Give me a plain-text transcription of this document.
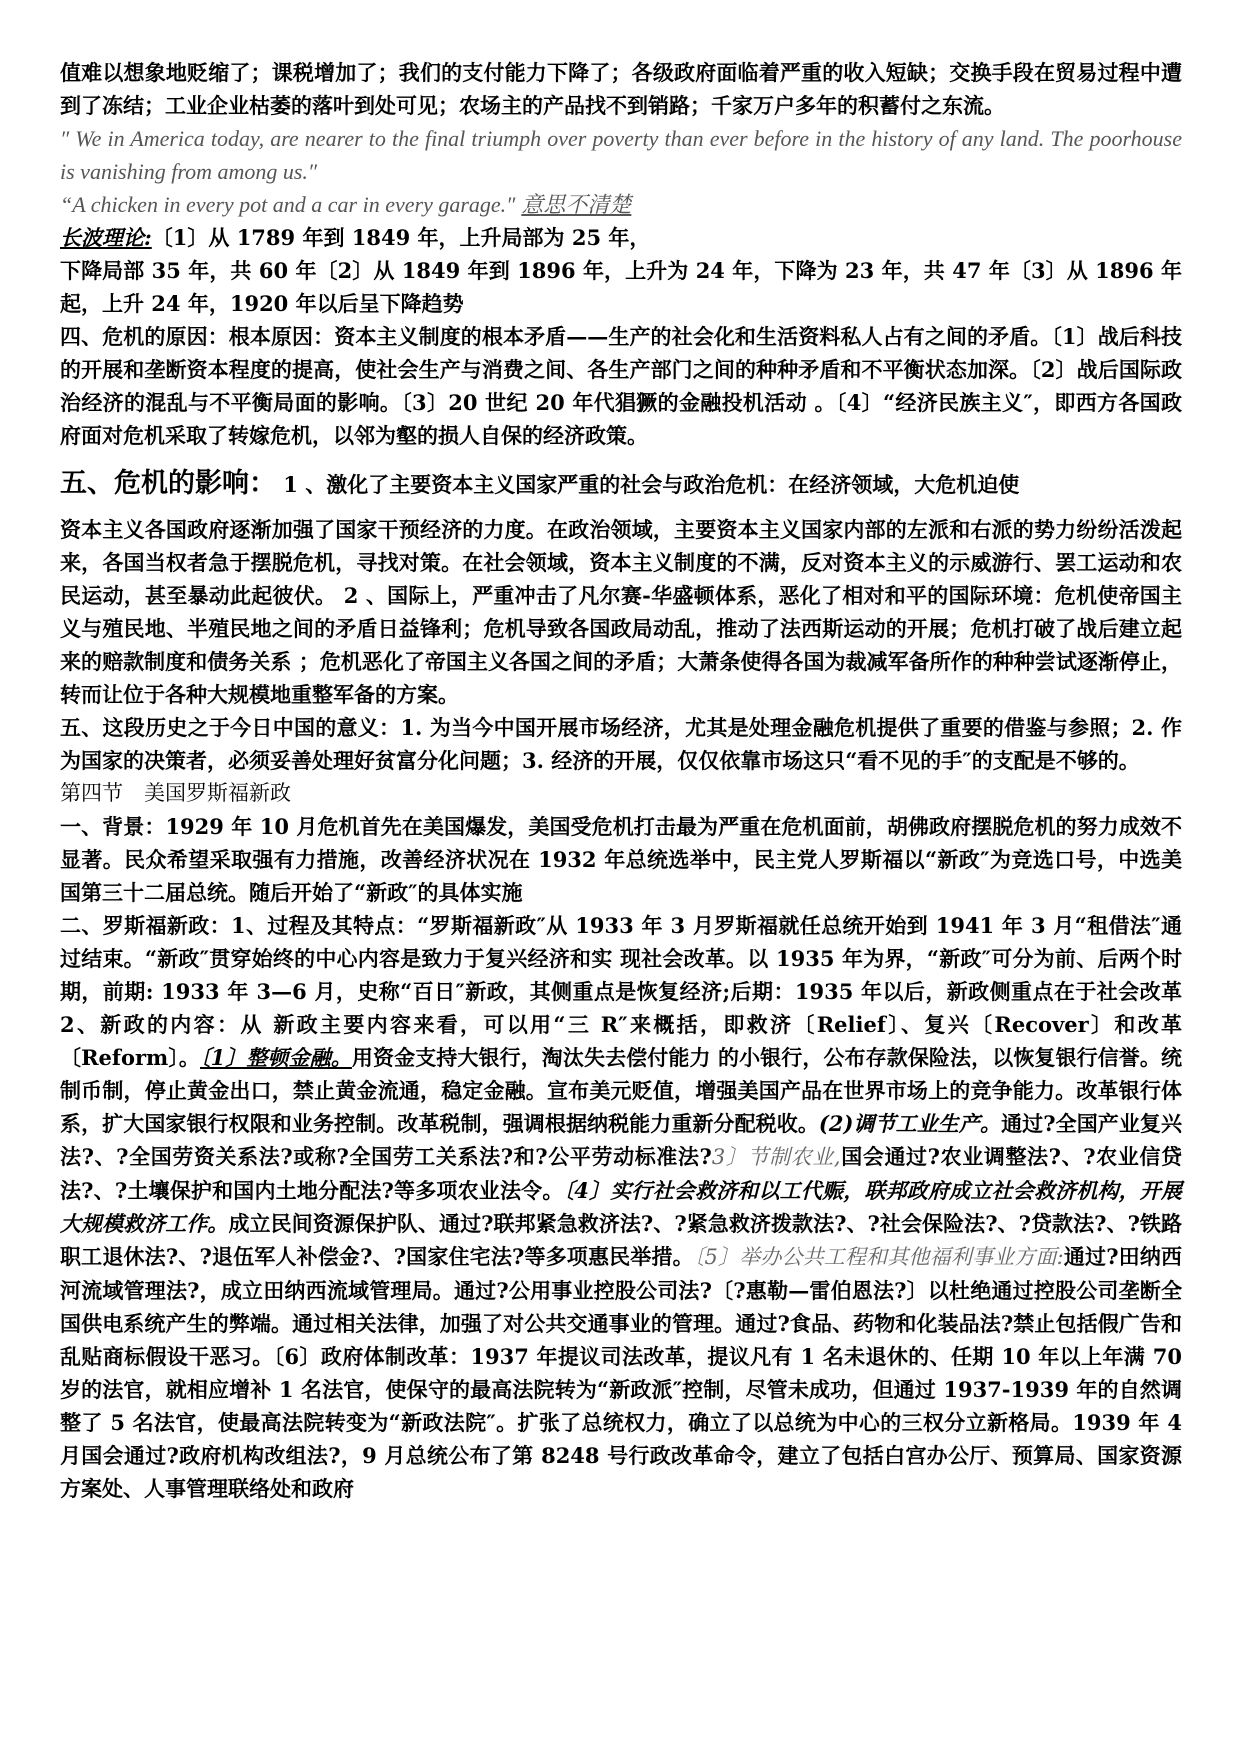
值难以想象地贬缩了；课税增加了；我们的支付能力下降了；各级政府面临着严重的收入短缺；交换手段在贸易过程中遭到了冻结；工业企业枯萎的落叶到处可见；农场主的产品找不到销路；千家万户多年的积蓄付之东流。

″ We in America today, are nearer to the final triumph over poverty than ever before in the history of any land. The poorhouse is vanishing from among us.″

“A chicken in every pot and a car in every garage.″ 意思不清楚

长波理论:〔1〕从 1789 年到 1849 年，上升局部为 25 年，

下降局部 35 年，共 60 年〔2〕从 1849 年到 1896 年，上升为 24 年，下降为 23 年，共 47 年〔3〕从 1896 年起，上升 24 年，1920 年以后呈下降趋势

四、危机的原因：根本原因：资本主义制度的根本矛盾——生产的社会化和生活资料私人占有之间的矛盾。〔1〕战后科技的开展和垄断资本程度的提高，使社会生产与消费之间、各生产部门之间的种种矛盾和不平衡状态加深。〔2〕战后国际政治经济的混乱与不平衡局面的影响。〔3〕20 世纪 20 年代猖獗的金融投机活动 。〔4〕“经济民族主义″，即西方各国政府面对危机采取了转嫁危机，以邻为壑的损人自保的经济政策。

五、危机的影响： 1 、激化了主要资本主义国家严重的社会与政治危机：在经济领域，大危机迫使

资本主义各国政府逐渐加强了国家干预经济的力度。在政治领域，主要资本主义国家内部的左派和右派的势力纷纷活泼起来，各国当权者急于摆脱危机，寻找对策。在社会领域，资本主义制度的不满，反对资本主义的示威游行、罢工运动和农民运动，甚至暴动此起彼伏。 2 、国际上，严重冲击了凡尔赛-华盛顿体系，恶化了相对和平的国际环境：危机使帝国主义与殖民地、半殖民地之间的矛盾日益锋利；危机导致各国政局动乱，推动了法西斯运动的开展；危机打破了战后建立起来的赔款制度和债务关系 ；危机恶化了帝国主义各国之间的矛盾；大萧条使得各国为裁减军备所作的种种尝试逐渐停止，转而让位于各种大规模地重整军备的方案。

五、这段历史之于今日中国的意义：1. 为当今中国开展市场经济，尤其是处理金融危机提供了重要的借鉴与参照；2. 作为国家的决策者，必须妥善处理好贫富分化问题；3. 经济的开展，仅仅依靠市场这只“看不见的手″的支配是不够的。

第四节　美国罗斯福新政

一、背景：1929 年 10 月危机首先在美国爆发，美国受危机打击最为严重在危机面前，胡佛政府摆脱危机的努力成效不显著。民众希望采取强有力措施，改善经济状况在 1932 年总统选举中，民主党人罗斯福以“新政″为竞选口号，中选美国第三十二届总统。随后开始了“新政″的具体实施

二、罗斯福新政：1、过程及其特点：“罗斯福新政″从 1933 年 3 月罗斯福就任总统开始到 1941 年 3 月“租借法″通过结束。“新政″贯穿始终的中心内容是致力于复兴经济和实 现社会改革。以 1935 年为界，“新政″可分为前、后两个时期，前期: 1933 年 3—6 月，史称“百日″新政，其侧重点是恢复经济;后期：1935 年以后，新政侧重点在于社会改革 2、新政的内容：从 新政主要内容来看，可以用“三 R″来概括，即救济〔Relief〕、复兴〔Recover〕和改革〔Reform〕。〔1〕整顿金融。用资金支持大银行，淘汰失去偿付能力 的小银行，公布存款保险法，以恢复银行信誉。统制币制，停止黄金出口，禁止黄金流通，稳定金融。宣布美元贬值，增强美国产品在世界市场上的竞争能力。改革银行体系，扩大国家银行权限和业务控制。改革税制，强调根据纳税能力重新分配税收。(2)调节工业生产。通过?全国产业复兴法?、?全国劳资关系法?或称?全国劳工关系法?和?公平劳动标准法?3〕节制农业,国会通过?农业调整法?、?农业信贷法?、?土壤保护和国内土地分配法?等多项农业法令。〔4〕实行社会救济和以工代赈，联邦政府成立社会救济机构，开展大规模救济工作。成立民间资源保护队、通过?联邦紧急救济法?、?紧急救济拨款法?、?社会保险法?、?贷款法?、?铁路职工退休法?、?退伍军人补偿金?、?国家住宅法?等多项惠民举措。〔5〕举办公共工程和其他福利事业方面:通过?田纳西河流域管理法?，成立田纳西流域管理局。通过?公用事业控股公司法?〔?惠勒—雷伯恩法?〕以杜绝通过控股公司垄断全国供电系统产生的弊端。通过相关法律，加强了对公共交通事业的管理。通过?食品、药物和化装品法?禁止包括假广告和乱贴商标假设干恶习。〔6〕政府体制改革：1937 年提议司法改革，提议凡有 1 名未退休的、任期 10 年以上年满 70 岁的法官，就相应增补 1 名法官，使保守的最高法院转为“新政派″控制，尽管未成功，但通过 1937-1939 年的自然调整了 5 名法官，使最高法院转变为“新政法院″。扩张了总统权力，确立了以总统为中心的三权分立新格局。1939 年 4 月国会通过?政府机构改组法?，9 月总统公布了第 8248 号行政改革命令，建立了包括白宫办公厅、预算局、国家资源方案处、人事管理联络处和政府
